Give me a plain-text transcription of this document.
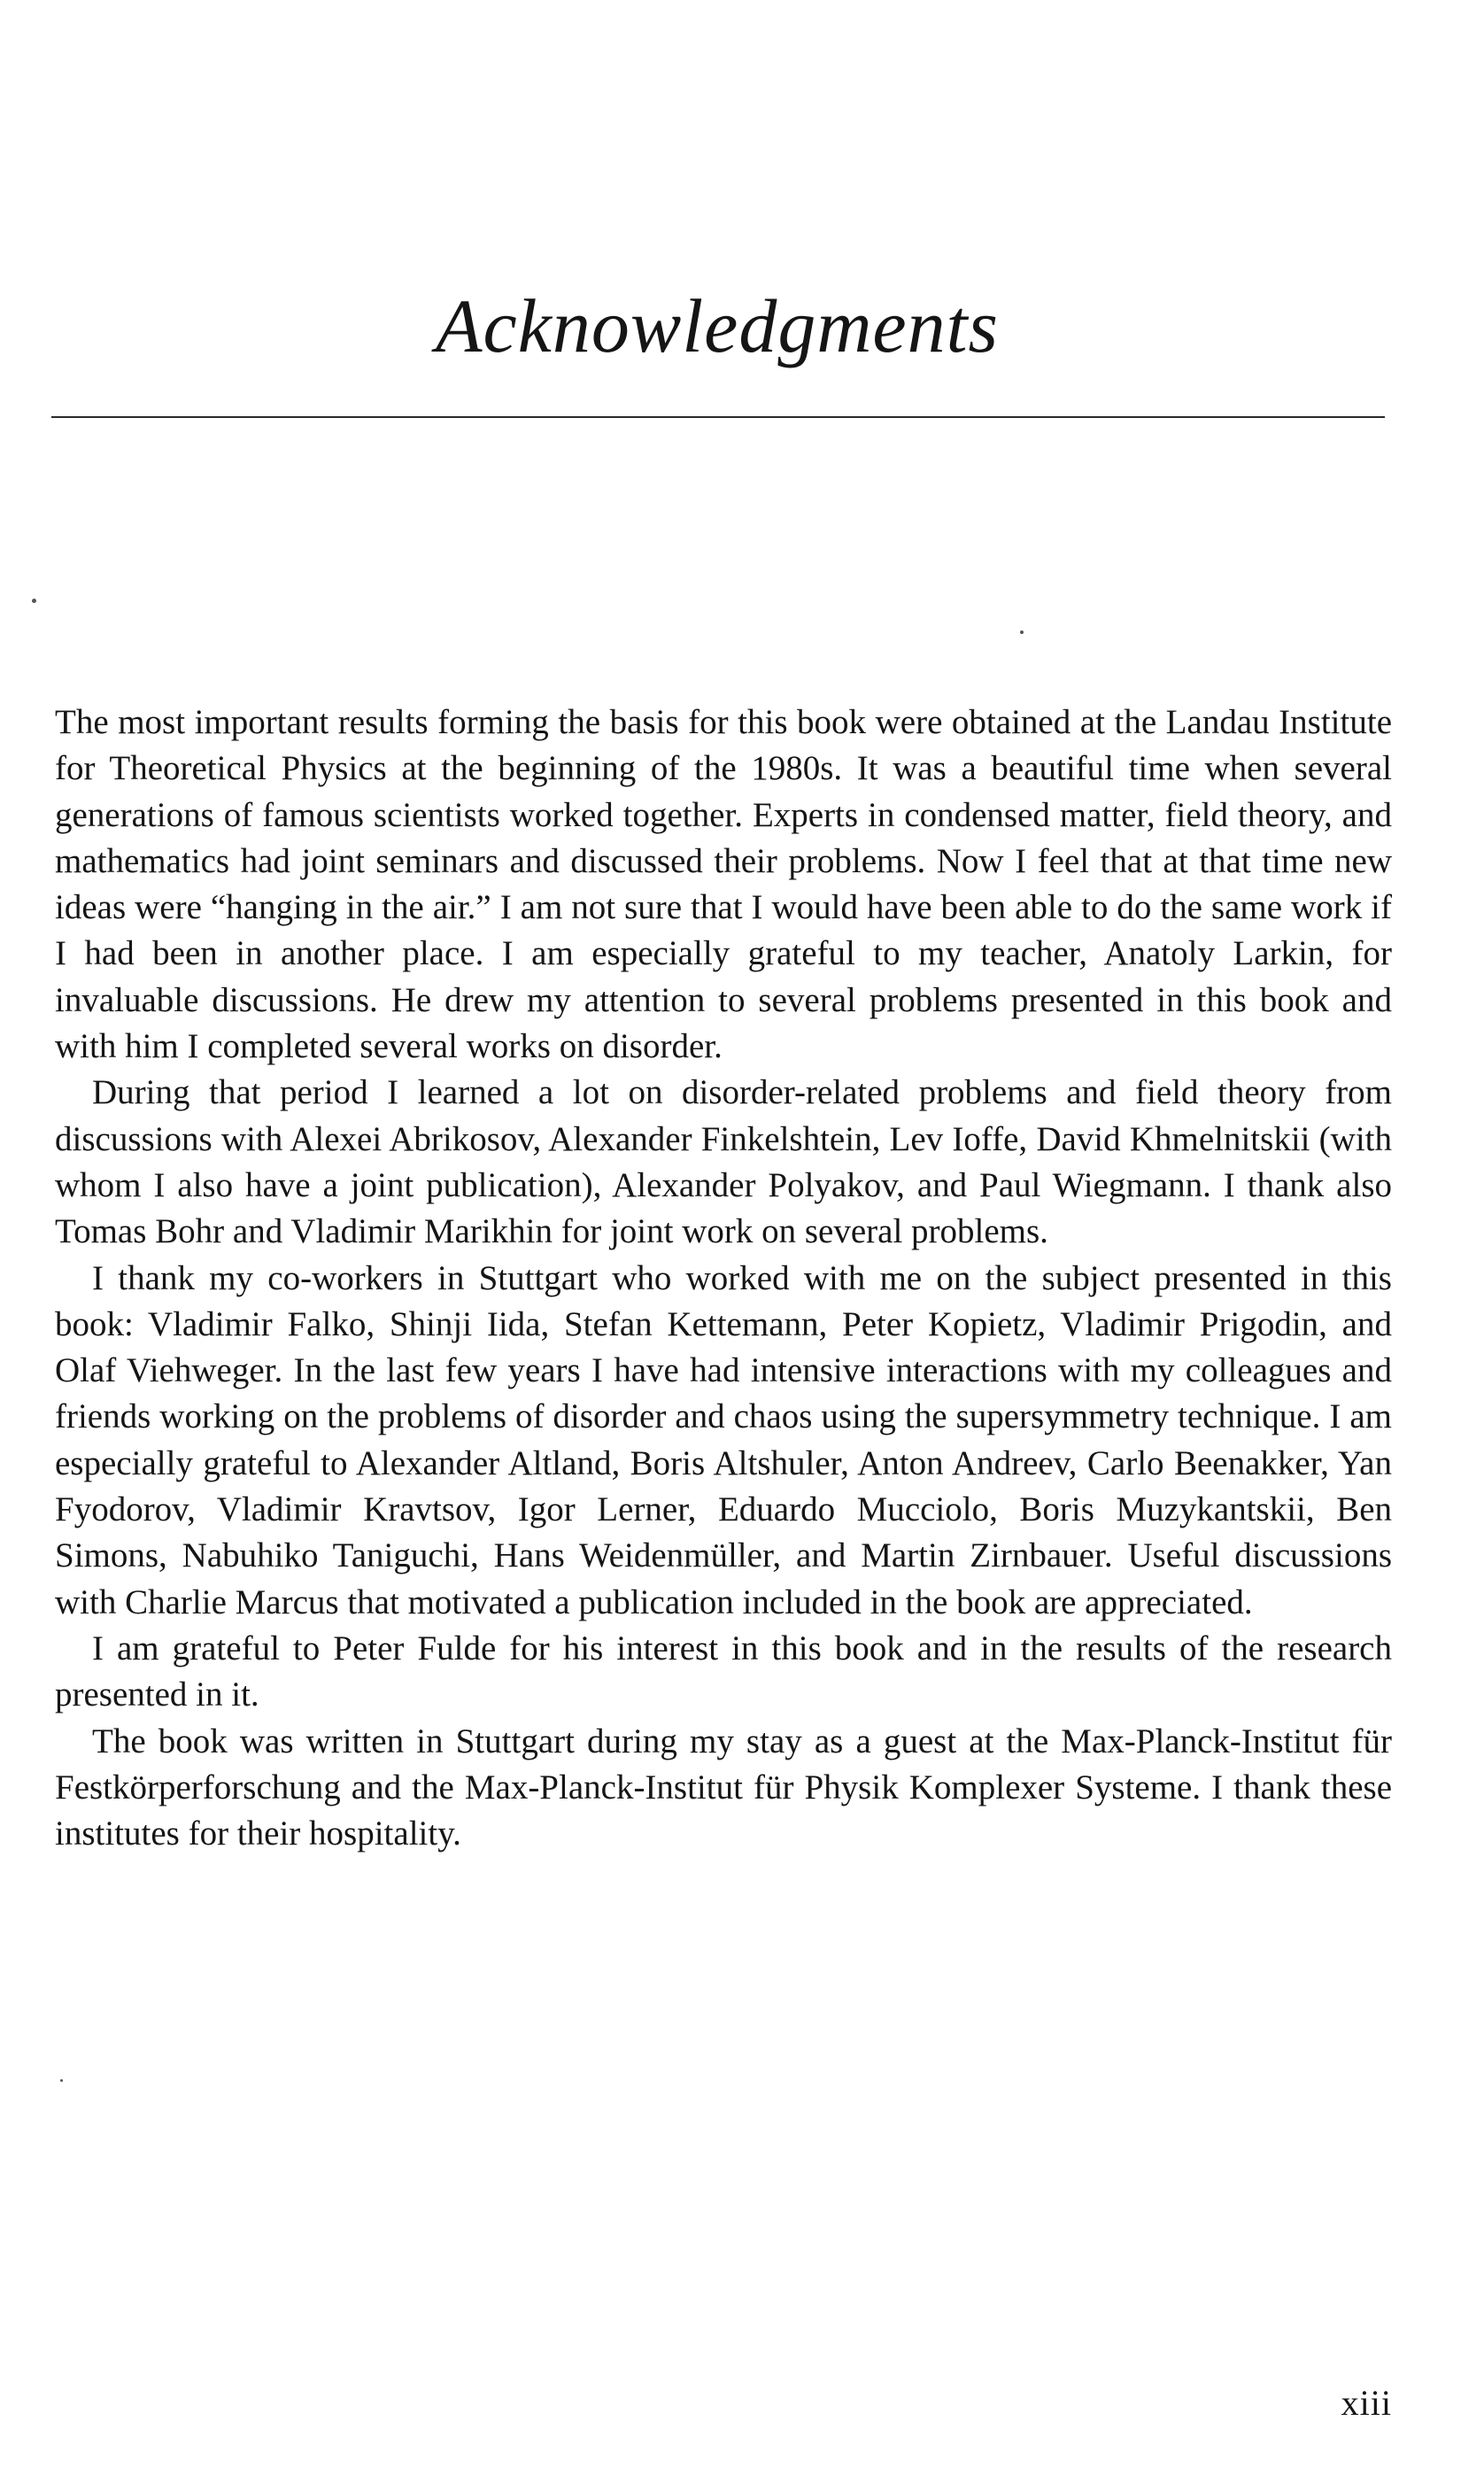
Acknowledgments

The most important results forming the basis for this book were obtained at the Landau Institute for Theoretical Physics at the beginning of the 1980s. It was a beautiful time when several generations of famous scientists worked together. Experts in condensed matter, field theory, and mathematics had joint seminars and discussed their problems. Now I feel that at that time new ideas were “hanging in the air.” I am not sure that I would have been able to do the same work if I had been in another place. I am especially grateful to my teacher, Anatoly Larkin, for invaluable discussions. He drew my attention to several problems presented in this book and with him I completed several works on disorder.

During that period I learned a lot on disorder-related problems and field theory from discussions with Alexei Abrikosov, Alexander Finkelshtein, Lev Ioffe, David Khmelnitskii (with whom I also have a joint publication), Alexander Polyakov, and Paul Wiegmann. I thank also Tomas Bohr and Vladimir Marikhin for joint work on several problems.

I thank my co-workers in Stuttgart who worked with me on the subject presented in this book: Vladimir Falko, Shinji Iida, Stefan Kettemann, Peter Kopietz, Vladimir Prigodin, and Olaf Viehweger. In the last few years I have had intensive interactions with my colleagues and friends working on the problems of disorder and chaos using the supersymmetry technique. I am especially grateful to Alexander Altland, Boris Altshuler, Anton Andreev, Carlo Beenakker, Yan Fyodorov, Vladimir Kravtsov, Igor Lerner, Eduardo Mucciolo, Boris Muzykantskii, Ben Simons, Nabuhiko Taniguchi, Hans Weidenmüller, and Martin Zirnbauer. Useful discussions with Charlie Marcus that motivated a publication included in the book are appreciated.

I am grateful to Peter Fulde for his interest in this book and in the results of the research presented in it.

The book was written in Stuttgart during my stay as a guest at the Max-Planck-Institut für Festkörperforschung and the Max-Planck-Institut für Physik Komplexer Systeme. I thank these institutes for their hospitality.

xiii
